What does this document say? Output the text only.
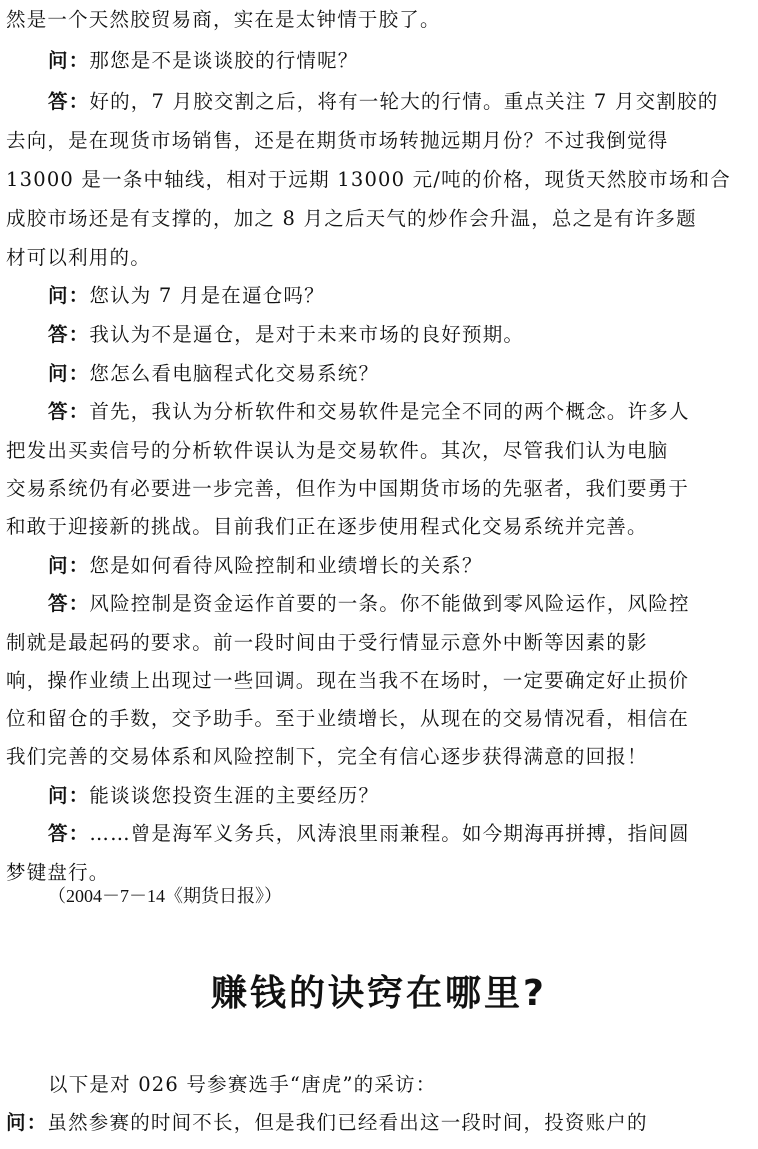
然是一个天然胶贸易商，实在是太钟情于胶了。
问：那您是不是谈谈胶的行情呢？
答：好的，7 月胶交割之后，将有一轮大的行情。重点关注 7 月交割胶的
去向，是在现货市场销售，还是在期货市场转抛远期月份？不过我倒觉得
13000 是一条中轴线，相对于远期 13000 元/吨的价格，现货天然胶市场和合
成胶市场还是有支撑的，加之 8 月之后天气的炒作会升温，总之是有许多题
材可以利用的。
问：您认为 7 月是在逼仓吗？
答：我认为不是逼仓，是对于未来市场的良好预期。
问：您怎么看电脑程式化交易系统？
答：首先，我认为分析软件和交易软件是完全不同的两个概念。许多人
把发出买卖信号的分析软件误认为是交易软件。其次，尽管我们认为电脑
交易系统仍有必要进一步完善，但作为中国期货市场的先驱者，我们要勇于
和敢于迎接新的挑战。目前我们正在逐步使用程式化交易系统并完善。
问：您是如何看待风险控制和业绩增长的关系？
答：风险控制是资金运作首要的一条。你不能做到零风险运作，风险控
制就是最起码的要求。前一段时间由于受行情显示意外中断等因素的影
响，操作业绩上出现过一些回调。现在当我不在场时，一定要确定好止损价
位和留仓的手数，交予助手。至于业绩增长，从现在的交易情况看，相信在
我们完善的交易体系和风险控制下，完全有信心逐步获得满意的回报！
问：能谈谈您投资生涯的主要经历？
答：……曾是海军义务兵，风涛浪里雨兼程。如今期海再拼搏，指间圆
梦键盘行。
（2004－7－14《期货日报》）
赚钱的诀窍在哪里?
以下是对 026 号参赛选手“唐虎”的采访：
问：虽然参赛的时间不长，但是我们已经看出这一段时间，投资账户的
